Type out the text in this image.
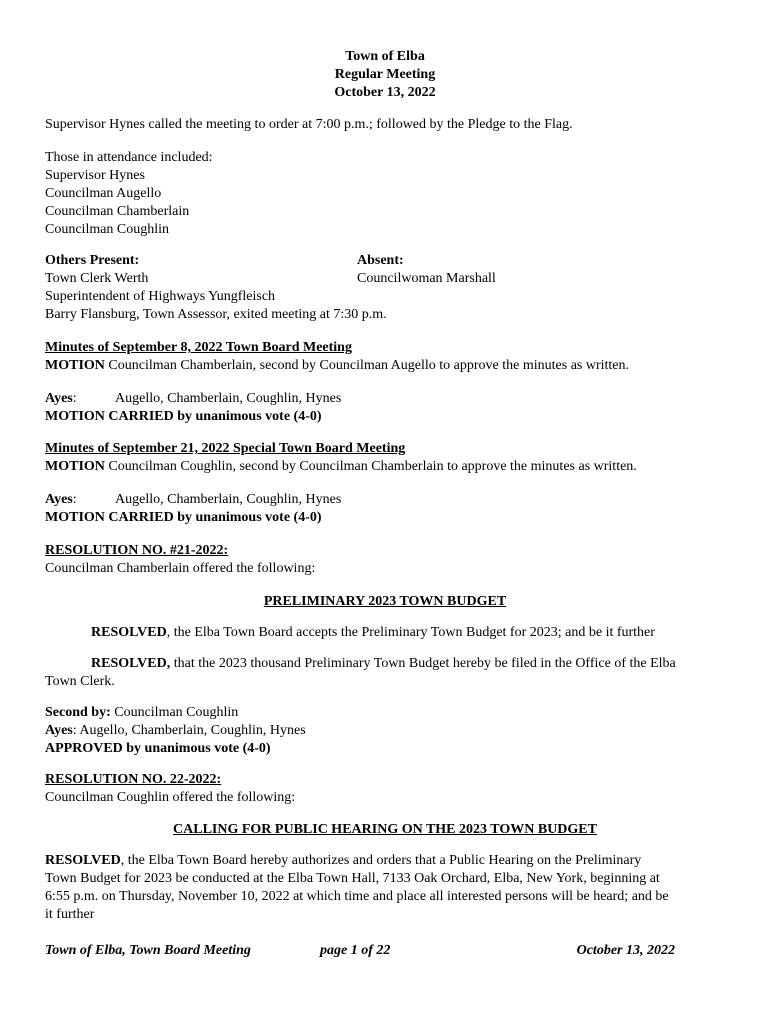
Town of Elba
Regular Meeting
October 13, 2022
Supervisor Hynes called the meeting to order at 7:00 p.m.; followed by the Pledge to the Flag.
Those in attendance included:
Supervisor Hynes
Councilman Augello
Councilman Chamberlain
Councilman Coughlin
Others Present:	Absent:
Town Clerk Werth	Councilwoman Marshall
Superintendent of Highways Yungfleisch
Barry Flansburg, Town Assessor, exited meeting at 7:30 p.m.
Minutes of September 8, 2022 Town Board Meeting
MOTION Councilman Chamberlain, second by Councilman Augello to approve the minutes as written.
Ayes:	Augello, Chamberlain, Coughlin, Hynes
MOTION CARRIED by unanimous vote (4-0)
Minutes of September 21, 2022 Special Town Board Meeting
MOTION Councilman Coughlin, second by Councilman Chamberlain to approve the minutes as written.
Ayes:	Augello, Chamberlain, Coughlin, Hynes
MOTION CARRIED by unanimous vote (4-0)
RESOLUTION NO. #21-2022:
Councilman Chamberlain offered the following:
PRELIMINARY 2023 TOWN BUDGET
RESOLVED, the Elba Town Board accepts the Preliminary Town Budget for 2023; and be it further
RESOLVED, that the 2023 thousand Preliminary Town Budget hereby be filed in the Office of the Elba
Town Clerk.
Second by: Councilman Coughlin
Ayes: Augello, Chamberlain, Coughlin, Hynes
APPROVED by unanimous vote (4-0)
RESOLUTION NO. 22-2022:
Councilman Coughlin offered the following:
CALLING FOR PUBLIC HEARING ON THE 2023 TOWN BUDGET
RESOLVED, the Elba Town Board hereby authorizes and orders that a Public Hearing on the Preliminary
Town Budget for 2023 be conducted at the Elba Town Hall, 7133 Oak Orchard, Elba, New York, beginning at
6:55 p.m. on Thursday, November 10, 2022 at which time and place all interested persons will be heard; and be
it further
Town of Elba, Town Board Meeting	page 1 of 22	October 13, 2022
